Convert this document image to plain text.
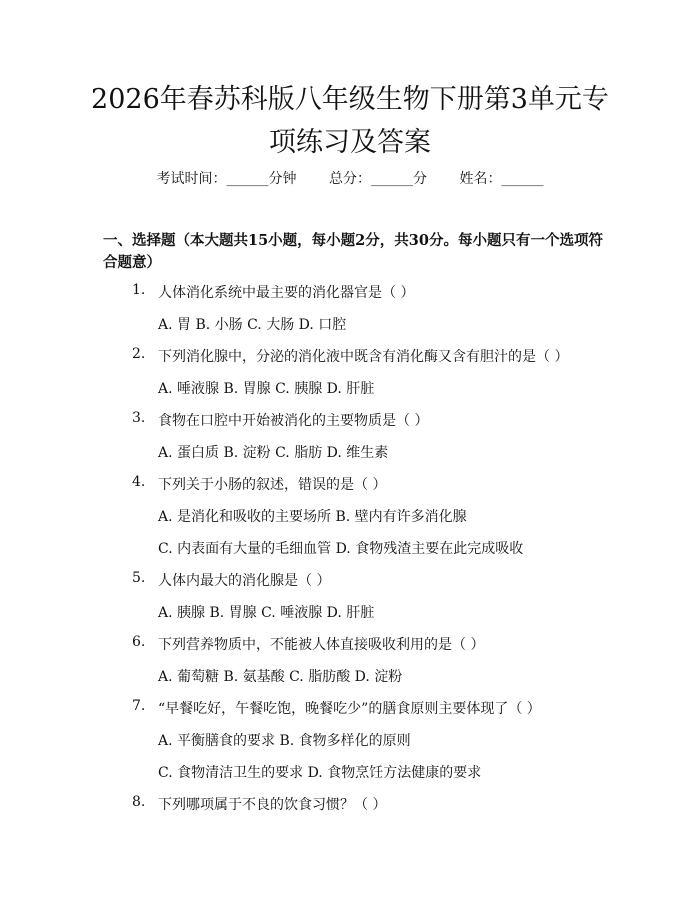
2026年春苏科版八年级生物下册第3单元专
项练习及答案
考试时间：______分钟 总分：______分 姓名：______

一、选择题（本大题共15小题，每小题2分，共30分。每小题只有一个选项符合题意）

1. 人体消化系统中最主要的消化器官是（ ）
A. 胃 B. 小肠 C. 大肠 D. 口腔
2. 下列消化腺中，分泌的消化液中既含有消化酶又含有胆汁的是（ ）
A. 唾液腺 B. 胃腺 C. 胰腺 D. 肝脏
3. 食物在口腔中开始被消化的主要物质是（ ）
A. 蛋白质 B. 淀粉 C. 脂肪 D. 维生素
4. 下列关于小肠的叙述，错误的是（ ）
A. 是消化和吸收的主要场所 B. 壁内有许多消化腺
C. 内表面有大量的毛细血管 D. 食物残渣主要在此完成吸收
5. 人体内最大的消化腺是（ ）
A. 胰腺 B. 胃腺 C. 唾液腺 D. 肝脏
6. 下列营养物质中，不能被人体直接吸收利用的是（ ）
A. 葡萄糖 B. 氨基酸 C. 脂肪酸 D. 淀粉
7. “早餐吃好，午餐吃饱，晚餐吃少”的膳食原则主要体现了（ ）
A. 平衡膳食的要求 B. 食物多样化的原则
C. 食物清洁卫生的要求 D. 食物烹饪方法健康的要求
8. 下列哪项属于不良的饮食习惯？（ ）
